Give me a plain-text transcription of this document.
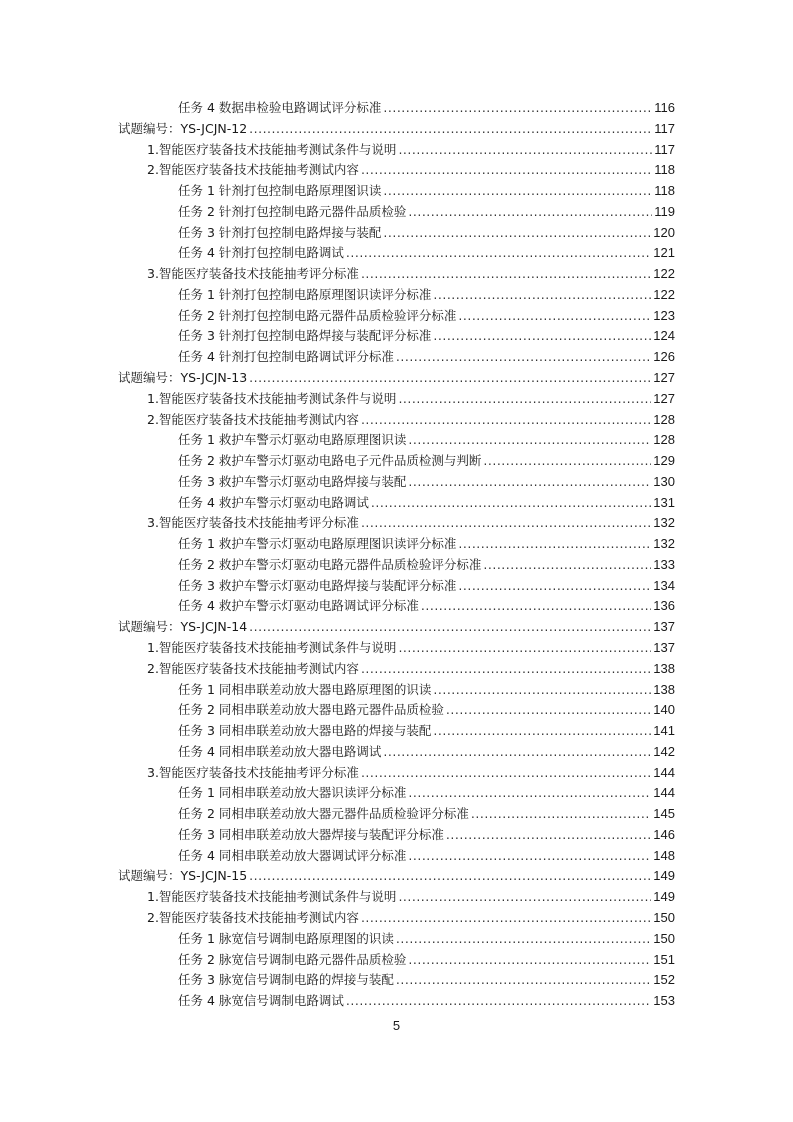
任务 4 数据串检验电路调试评分标准 .....	116
试题编号：YS-JCJN-12 .....	117
1.智能医疗装备技术技能抽考测试条件与说明 .....	117
2.智能医疗装备技术技能抽考测试内容 .....	118
任务 1 针剂打包控制电路原理图识读 .....	118
任务 2 针剂打包控制电路元器件品质检验 .....	119
任务 3 针剂打包控制电路焊接与装配 .....	120
任务 4 针剂打包控制电路调试 .....	121
3.智能医疗装备技术技能抽考评分标准 .....	122
任务 1 针剂打包控制电路原理图识读评分标准 .....	122
任务 2 针剂打包控制电路元器件品质检验评分标准 .....	123
任务 3 针剂打包控制电路焊接与装配评分标准 .....	124
任务 4 针剂打包控制电路调试评分标准 .....	126
试题编号：YS-JCJN-13 .....	127
1.智能医疗装备技术技能抽考测试条件与说明 .....	127
2.智能医疗装备技术技能抽考测试内容 .....	128
任务 1 救护车警示灯驱动电路原理图识读 .....	128
任务 2 救护车警示灯驱动电路电子元件品质检测与判断 .....	129
任务 3 救护车警示灯驱动电路焊接与装配 .....	130
任务 4 救护车警示灯驱动电路调试 .....	131
3.智能医疗装备技术技能抽考评分标准 .....	132
任务 1 救护车警示灯驱动电路原理图识读评分标准 .....	132
任务 2 救护车警示灯驱动电路元器件品质检验评分标准 .....	133
任务 3 救护车警示灯驱动电路焊接与装配评分标准 .....	134
任务 4 救护车警示灯驱动电路调试评分标准 .....	136
试题编号：YS-JCJN-14 .....	137
1.智能医疗装备技术技能抽考测试条件与说明 .....	137
2.智能医疗装备技术技能抽考测试内容 .....	138
任务 1 同相串联差动放大器电路原理图的识读 .....	138
任务 2 同相串联差动放大器电路元器件品质检验 .....	140
任务 3 同相串联差动放大器电路的焊接与装配 .....	141
任务 4 同相串联差动放大器电路调试 .....	142
3.智能医疗装备技术技能抽考评分标准 .....	144
任务 1 同相串联差动放大器识读评分标准 .....	144
任务 2 同相串联差动放大器元器件品质检验评分标准 .....	145
任务 3 同相串联差动放大器焊接与装配评分标准 .....	146
任务 4 同相串联差动放大器调试评分标准 .....	148
试题编号：YS-JCJN-15 .....	149
1.智能医疗装备技术技能抽考测试条件与说明 .....	149
2.智能医疗装备技术技能抽考测试内容 .....	150
任务 1 脉宽信号调制电路原理图的识读 .....	150
任务 2 脉宽信号调制电路元器件品质检验 .....	151
任务 3 脉宽信号调制电路的焊接与装配 .....	152
任务 4 脉宽信号调制电路调试 .....	153
5
